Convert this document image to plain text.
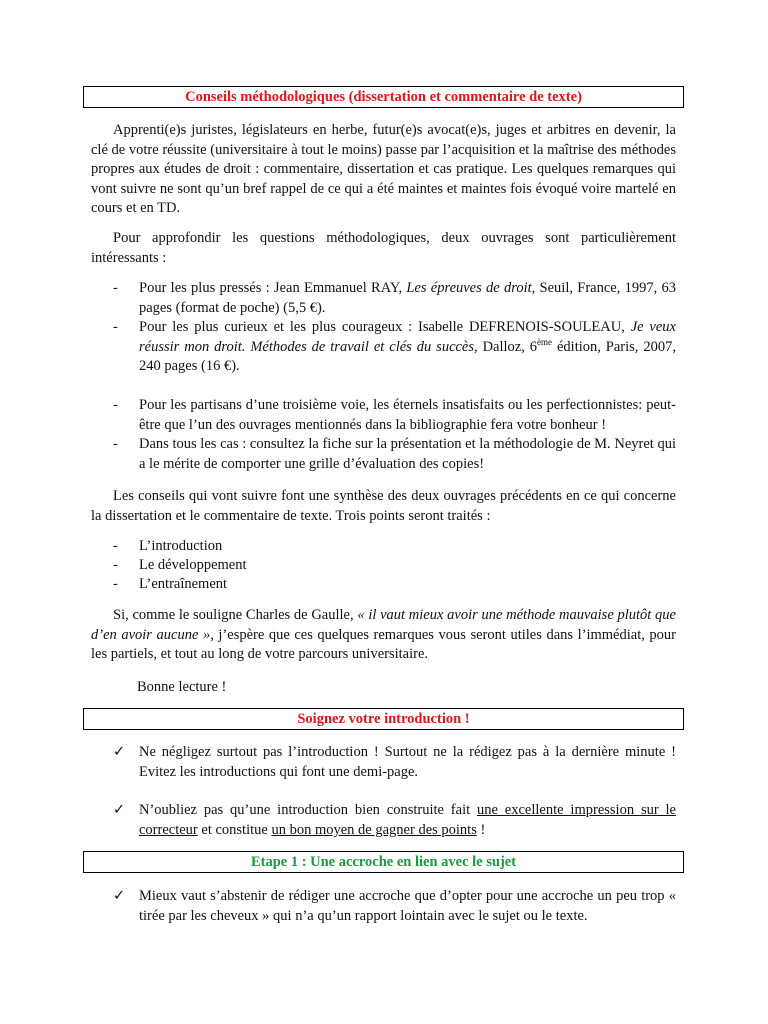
Conseils méthodologiques (dissertation et commentaire de texte)

Apprenti(e)s juristes, législateurs en herbe, futur(e)s avocat(e)s, juges et arbitres en devenir, la clé de votre réussite (universitaire à tout le moins) passe par l’acquisition et la maîtrise des méthodes propres aux études de droit : commentaire, dissertation et cas pratique. Les quelques remarques qui vont suivre ne sont qu’un bref rappel de ce qui a été maintes et maintes fois évoqué voire martelé en cours et en TD.

Pour approfondir les questions méthodologiques, deux ouvrages sont particulièrement intéressants :

-	Pour les plus pressés : Jean Emmanuel RAY, Les épreuves de droit, Seuil, France, 1997, 63 pages (format de poche) (5,5 €).
-	Pour les plus curieux et les plus courageux : Isabelle DEFRENOIS-SOULEAU, Je veux réussir mon droit. Méthodes de travail et clés du succès, Dalloz, 6ème édition, Paris, 2007, 240 pages (16 €).
-	Pour les partisans d’une troisième voie, les éternels insatisfaits ou les perfectionnistes: peut-être que l’un des ouvrages mentionnés dans la bibliographie fera votre bonheur !
-	Dans tous les cas : consultez la fiche sur la présentation et la méthodologie de M. Neyret qui a le mérite de comporter une grille d’évaluation des copies!

Les conseils qui vont suivre font une synthèse des deux ouvrages précédents en ce qui concerne la dissertation et le commentaire de texte. Trois points seront traités :

-	L’introduction
-	Le développement
-	L’entraînement

Si, comme le souligne Charles de Gaulle, « il vaut mieux avoir une méthode mauvaise plutôt que d’en avoir aucune », j’espère que ces quelques remarques vous seront utiles dans l’immédiat, pour les partiels, et tout au long de votre parcours universitaire.

Bonne lecture !

Soignez votre introduction !
✓ Ne négligez surtout pas l’introduction ! Surtout ne la rédigez pas à la dernière minute ! Evitez les introductions qui font une demi-page.
✓ N’oubliez pas qu’une introduction bien construite fait une excellente impression sur le correcteur et constitue un bon moyen de gagner des points !
Etape 1 : Une accroche en lien avec le sujet
✓ Mieux vaut s’abstenir de rédiger une accroche que d’opter pour une accroche un peu trop « tirée par les cheveux » qui n’a qu’un rapport lointain avec le sujet ou le texte.
